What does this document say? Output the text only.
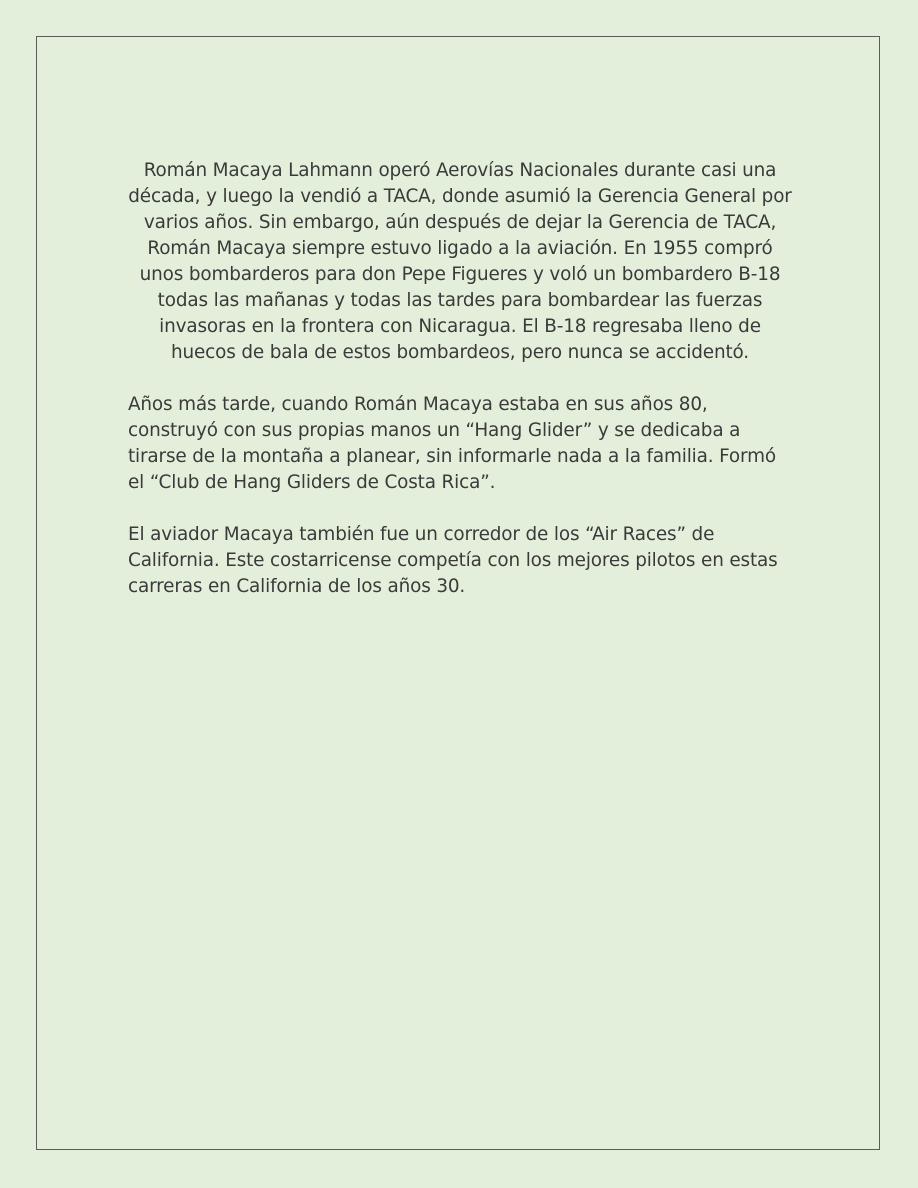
Román Macaya Lahmann operó Aerovías Nacionales durante casi una década, y luego la vendió a TACA, donde asumió la Gerencia General por varios años. Sin embargo, aún después de dejar la Gerencia de TACA, Román Macaya siempre estuvo ligado a la aviación. En 1955 compró unos bombarderos para don Pepe Figueres y voló un bombardero B-18 todas las mañanas y todas las tardes para bombardear las fuerzas invasoras en la frontera con Nicaragua. El B-18 regresaba lleno de huecos de bala de estos bombardeos, pero nunca se accidentó.

Años más tarde, cuando Román Macaya estaba en sus años 80, construyó con sus propias manos un “Hang Glider” y se dedicaba a tirarse de la montaña a planear, sin informarle nada a la familia. Formó el “Club de Hang Gliders de Costa Rica”.

El aviador Macaya también fue un corredor de los “Air Races” de California. Este costarricense competía con los mejores pilotos en estas carreras en California de los años 30.
